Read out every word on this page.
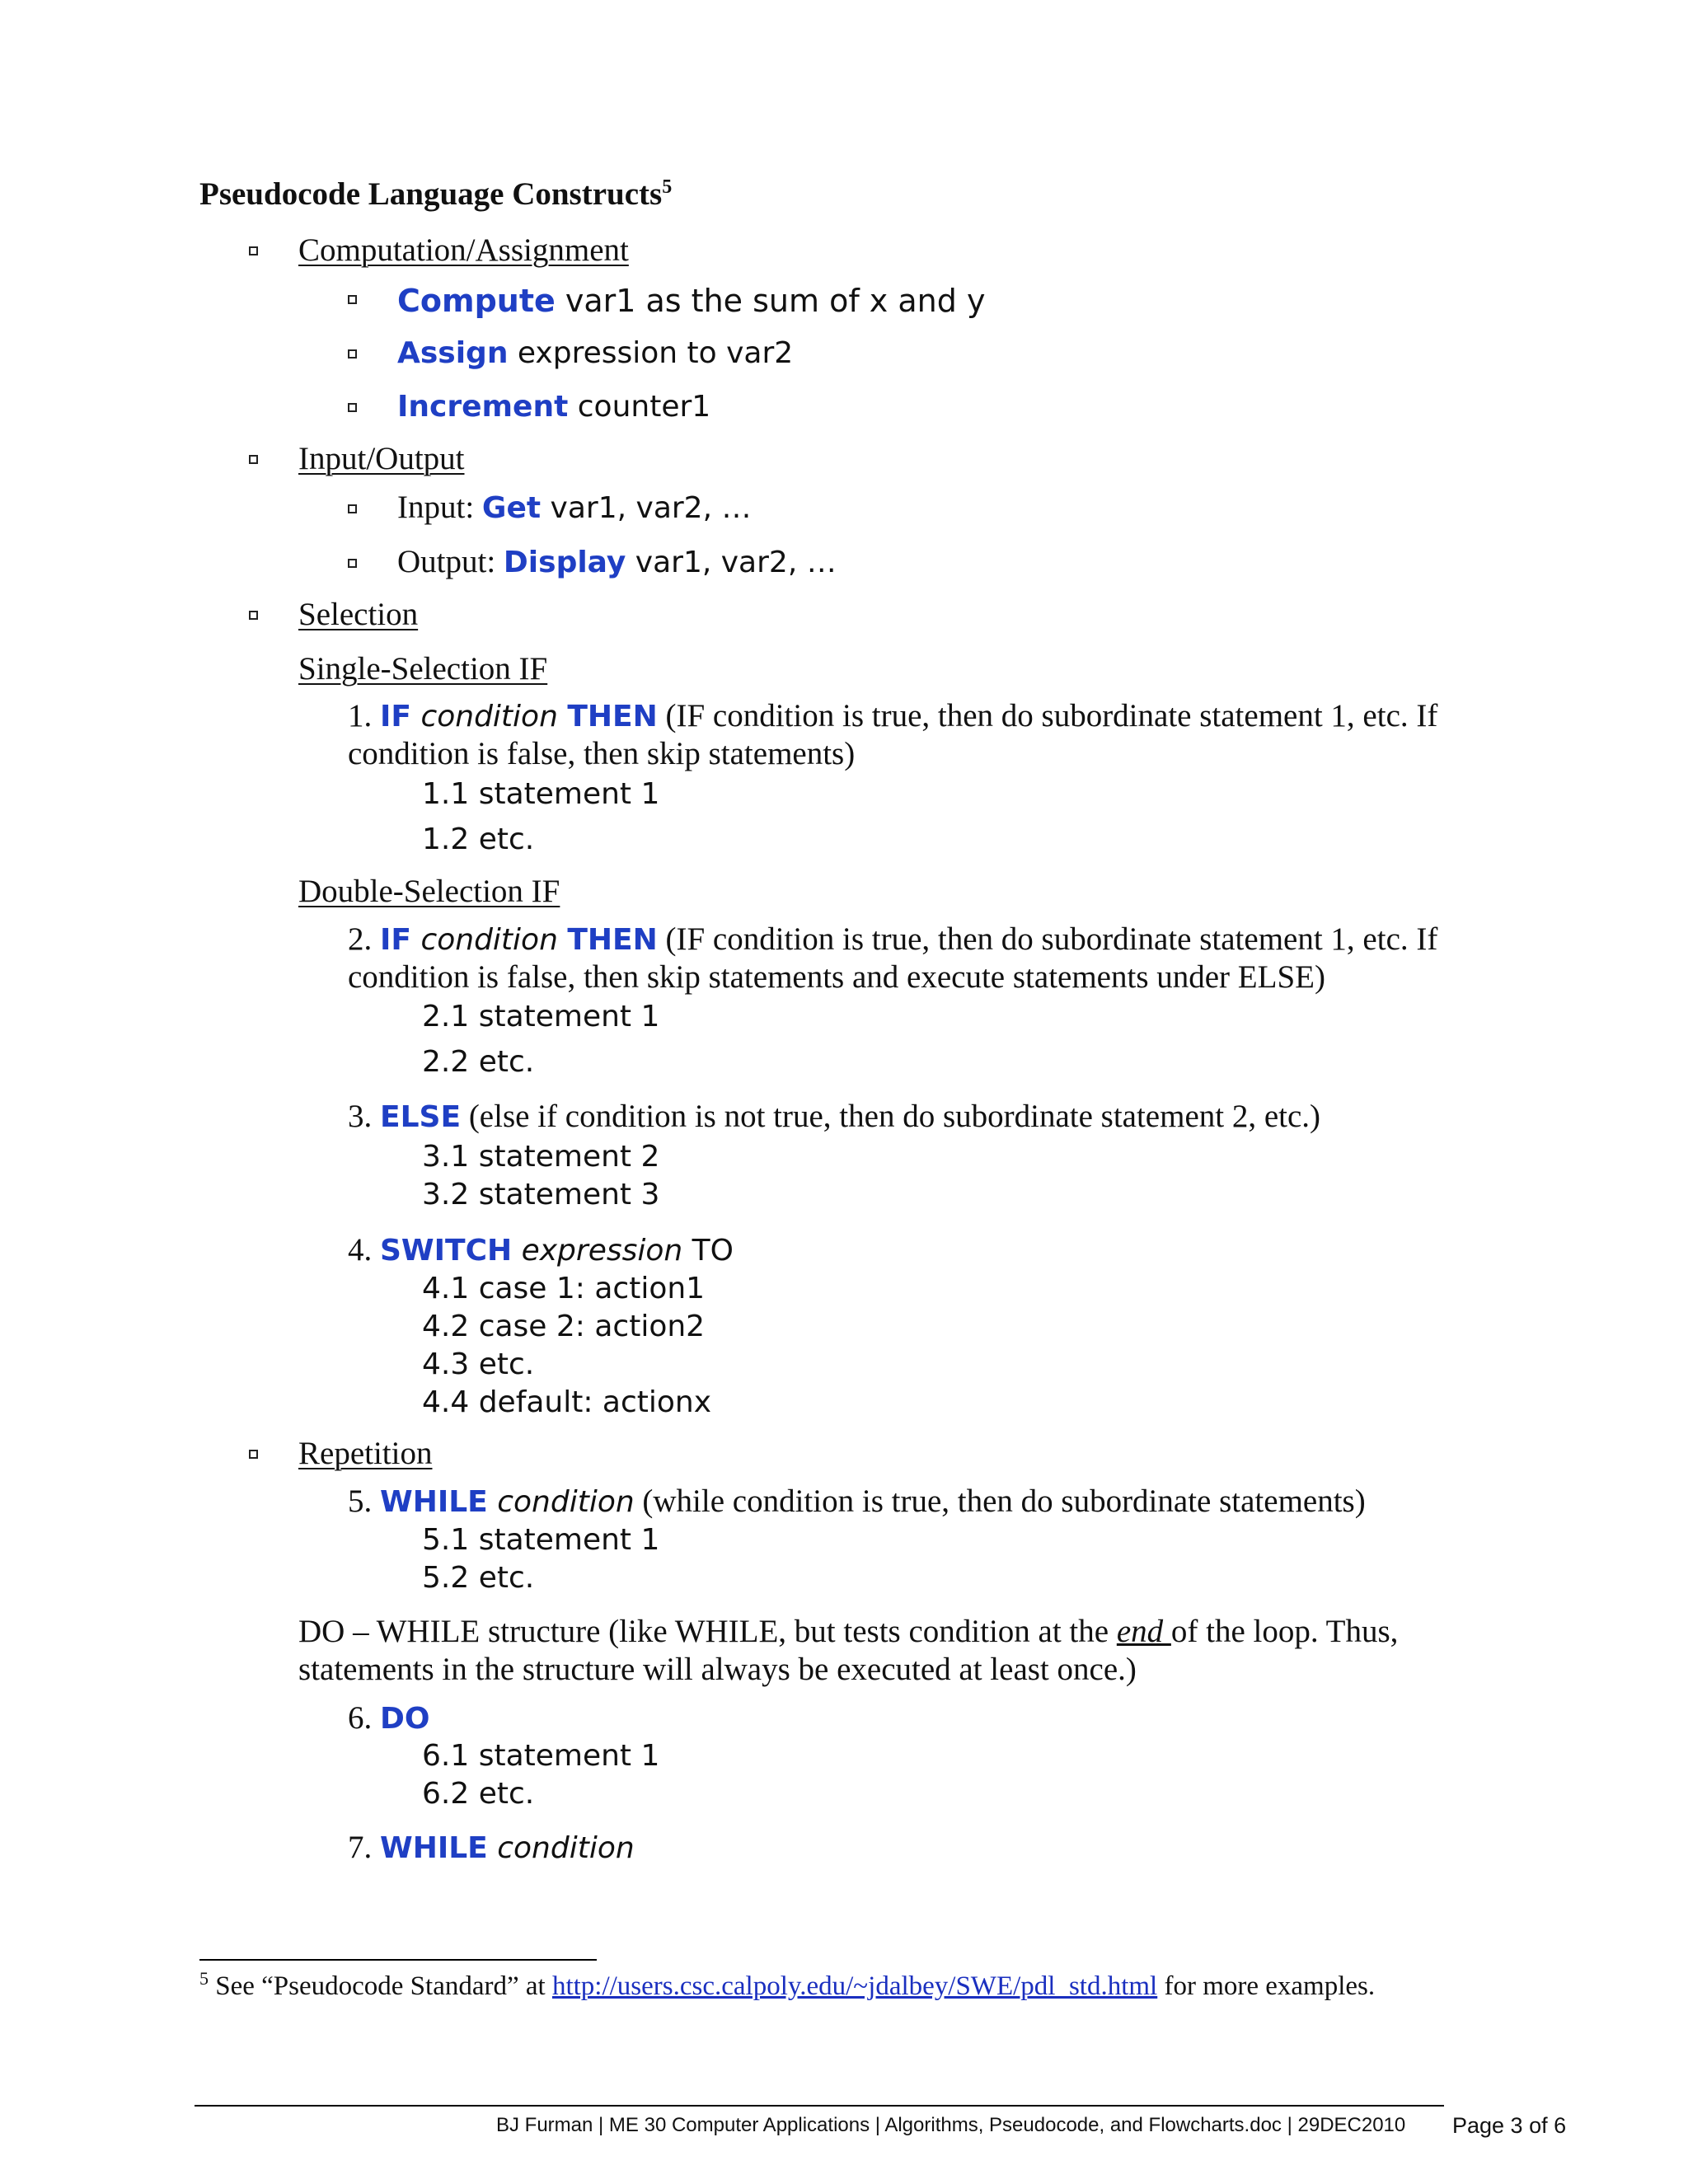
Pseudocode Language Constructs$^5$
Computation/Assignment
Compute var1 as the sum of x and y
Assign expression to var2
Increment counter1
Input/Output
Input: Get var1, var2, …
Output: Display var1, var2, …
Selection
Single-Selection IF
1. IF condition THEN (IF condition is true, then do subordinate statement 1, etc. If
condition is false, then skip statements)
1.1 statement 1
1.2 etc.
Double-Selection IF
2. IF condition THEN (IF condition is true, then do subordinate statement 1, etc. If
condition is false, then skip statements and execute statements under ELSE)
2.1 statement 1
2.2 etc.
3. ELSE (else if condition is not true, then do subordinate statement 2, etc.)
3.1 statement 2
3.2 statement 3
4. SWITCH expression TO
4.1 case 1: action1
4.2 case 2: action2
4.3 etc.
4.4 default: actionx
Repetition
5. WHILE condition (while condition is true, then do subordinate statements)
5.1 statement 1
5.2 etc.
DO – WHILE structure (like WHILE, but tests condition at the end of the loop. Thus,
statements in the structure will always be executed at least once.)
6. DO
6.1 statement 1
6.2 etc.
7. WHILE condition
$^5$ See “Pseudocode Standard” at http://users.csc.calpoly.edu/~jdalbey/SWE/pdl_std.html for more examples.
BJ Furman | ME 30 Computer Applications | Algorithms, Pseudocode, and Flowcharts.doc | 29DEC2010 Page 3 of 6
